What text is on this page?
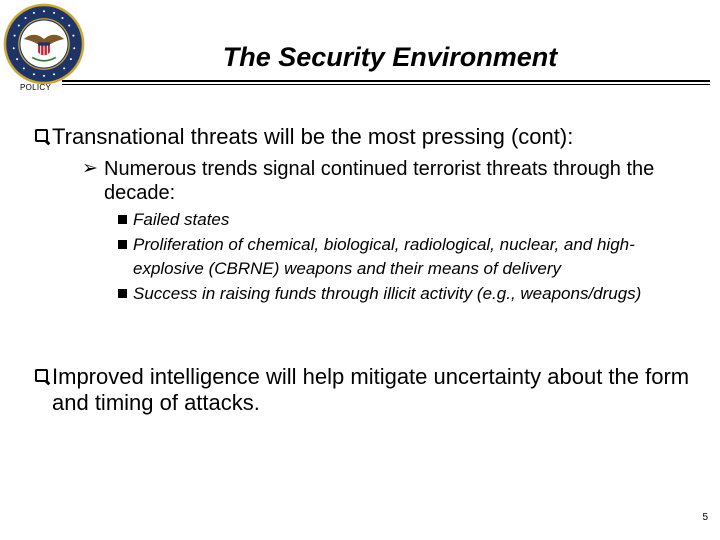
POLICY
The Security Environment
Transnational threats will be the most pressing (cont):
➢ Numerous trends signal continued terrorist threats through the decade:
Failed states
Proliferation of chemical, biological, radiological, nuclear, and high-explosive (CBRNE) weapons and their means of delivery
Success in raising funds through illicit activity (e.g., weapons/drugs)
Improved intelligence will help mitigate uncertainty about the form and timing of attacks.
5
